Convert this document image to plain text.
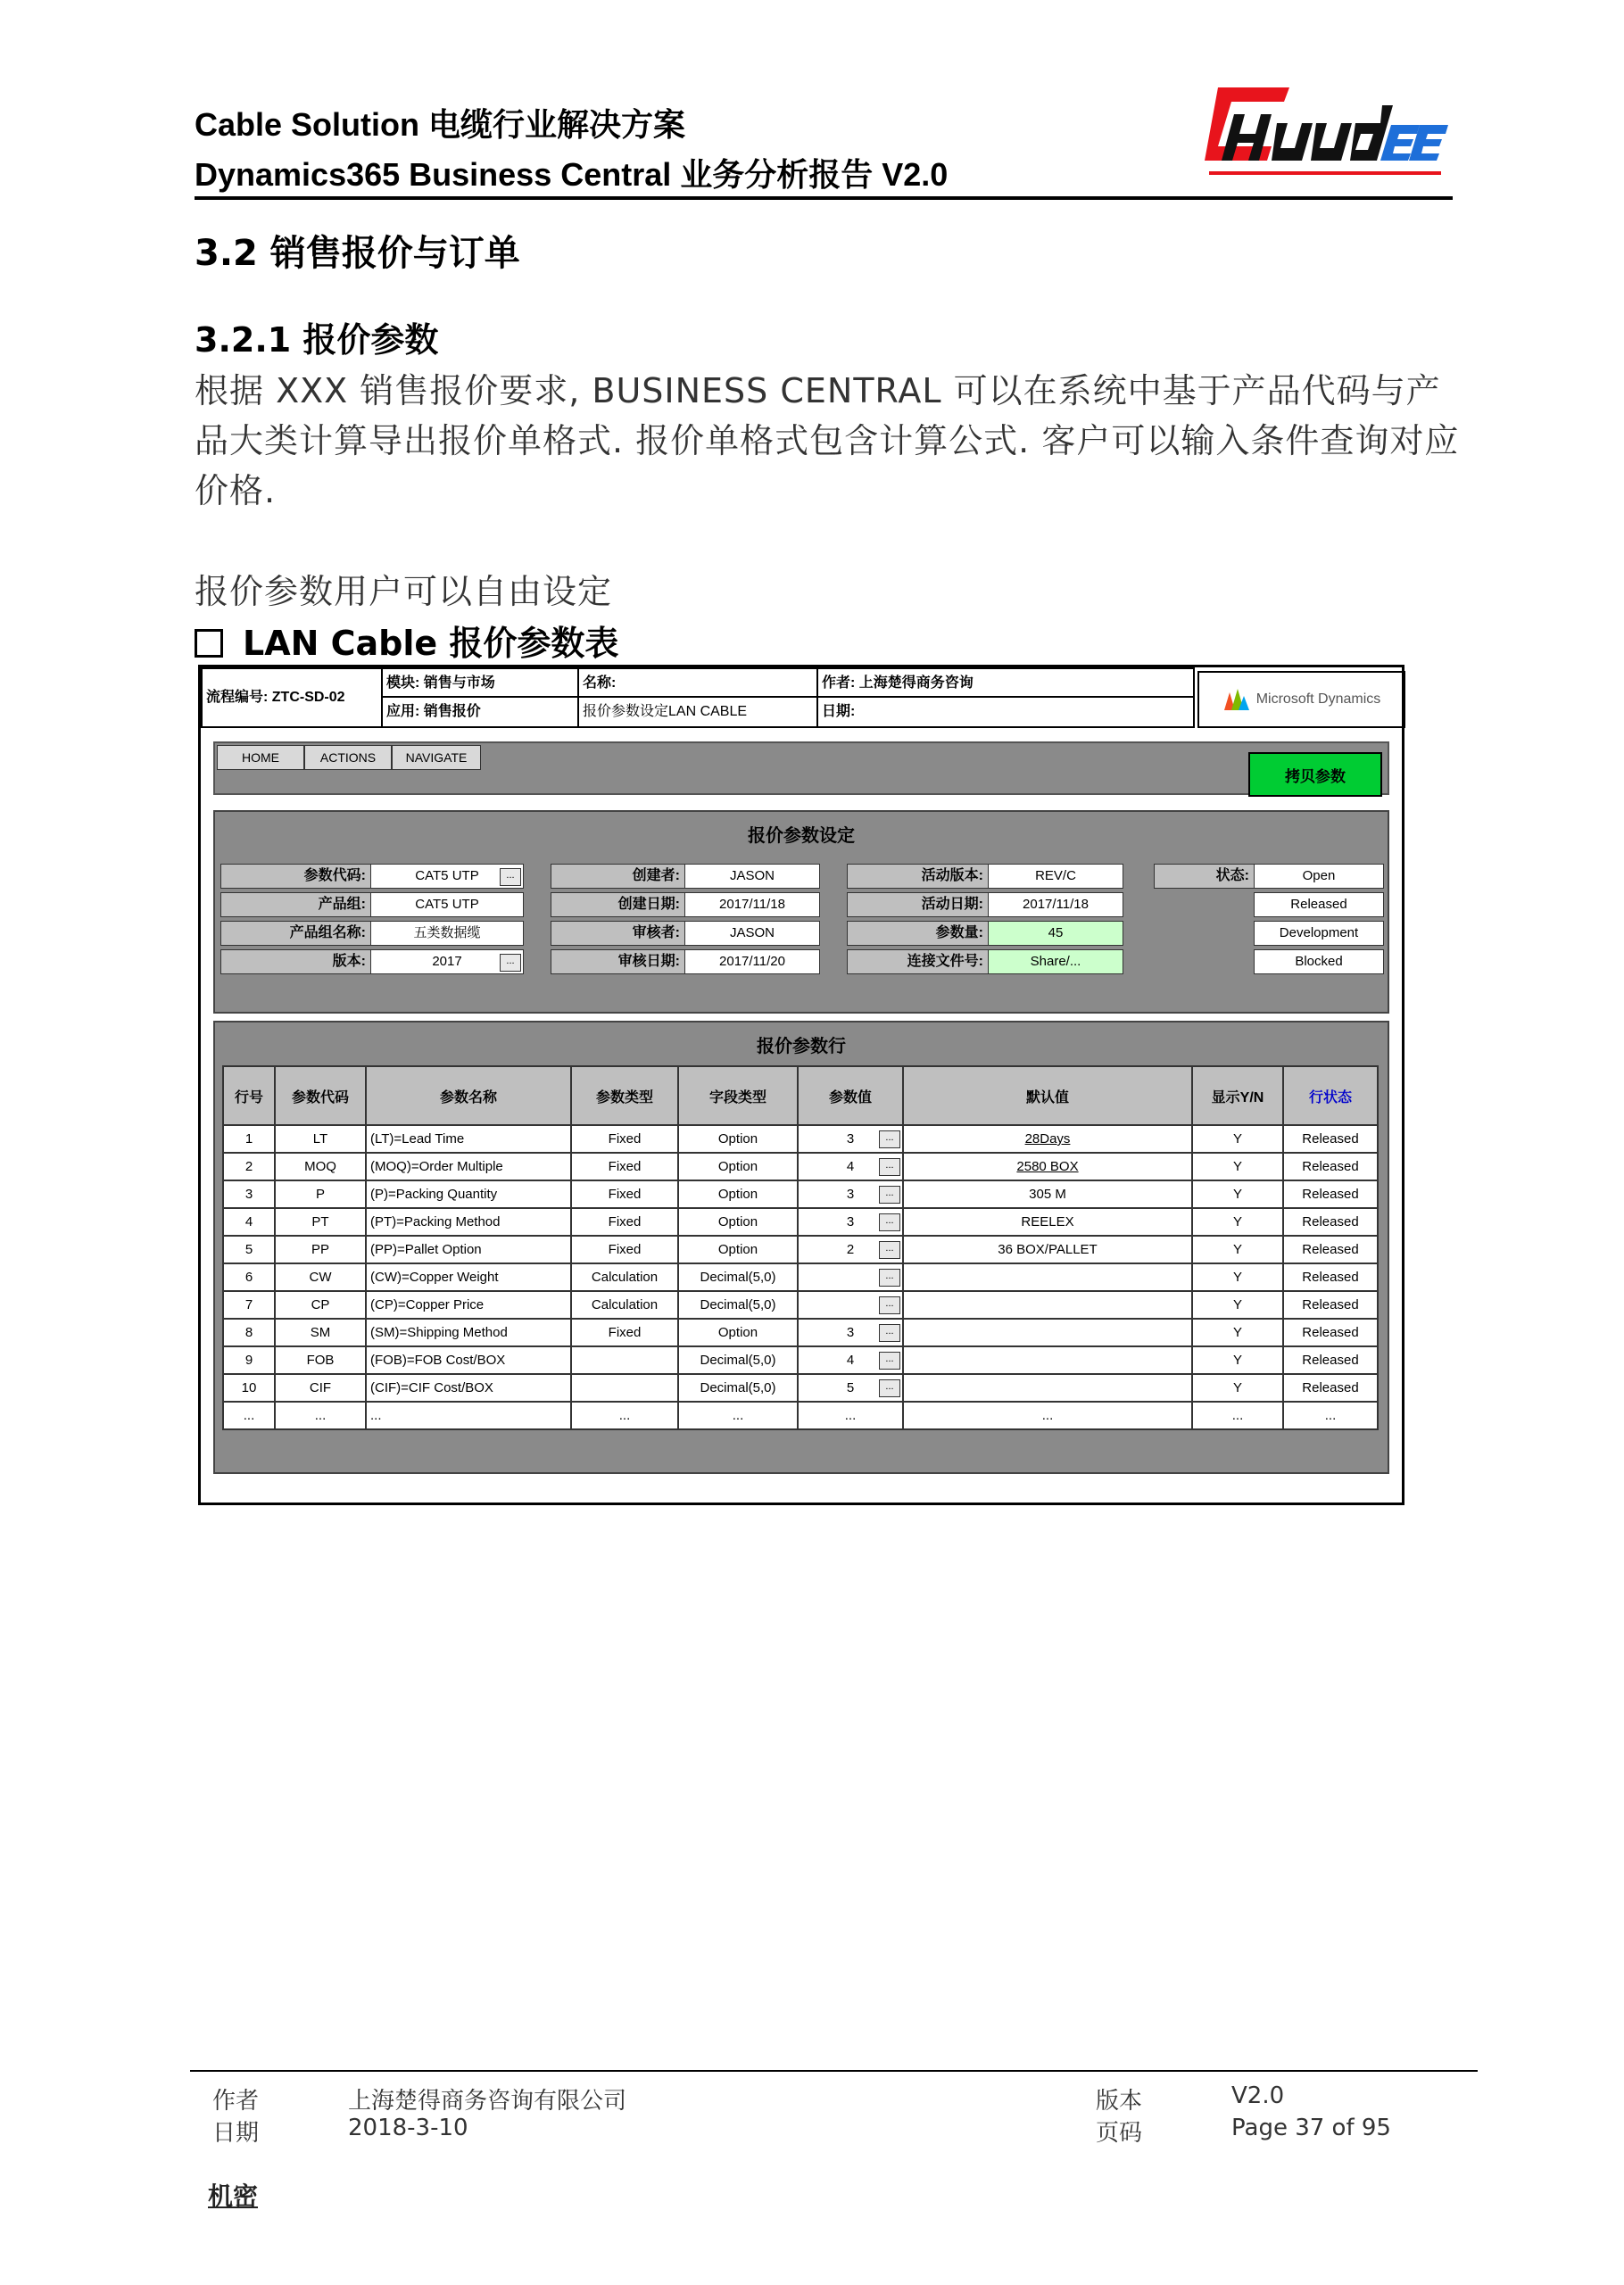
Cable Solution 电缆行业解决方案
Dynamics365 Business Central 业务分析报告 V2.0
3.2 销售报价与订单
3.2.1 报价参数
根据 XXX 销售报价要求, BUSINESS CENTRAL 可以在系统中基于产品代码与产品大类计算导出报价单格式. 报价单格式包含计算公式. 客户可以输入条件查询对应价格.
报价参数用户可以自由设定
LAN Cable 报价参数表
流程编号: ZTC-SD-02
模块: 销售与市场
应用: 销售报价
名称:
报价参数设定LAN CABLE
作者: 上海楚得商务咨询
日期:
Microsoft Dynamics
HOME	ACTIONS	NAVIGATE
拷贝参数
报价参数设定
参数代码:	CAT5 UTP	...
产品组:	CAT5 UTP
产品组名称:	五类数据缆
版本:	2017	...
创建者:	JASON
创建日期:	2017/11/18
审核者:	JASON
审核日期:	2017/11/20
活动版本:	REV/C
活动日期:	2017/11/18
参数量:	45
连接文件号:	Share/...
状态:	Open
Released
Development
Blocked
报价参数行
行号	参数代码	参数名称	参数类型	字段类型	参数值	默认值	显示Y/N	行状态
1	LT	(LT)=Lead Time	Fixed	Option	3 ...	28Days	Y	Released
2	MOQ	(MOQ)=Order Multiple	Fixed	Option	4 ...	2580 BOX	Y	Released
3	P	(P)=Packing Quantity	Fixed	Option	3 ...	305 M	Y	Released
4	PT	(PT)=Packing Method	Fixed	Option	3 ...	REELEX	Y	Released
5	PP	(PP)=Pallet Option	Fixed	Option	2 ...	36 BOX/PALLET	Y	Released
6	CW	(CW)=Copper Weight	Calculation	Decimal(5,0)	...		Y	Released
7	CP	(CP)=Copper Price	Calculation	Decimal(5,0)	...		Y	Released
8	SM	(SM)=Shipping Method	Fixed	Option	3 ...		Y	Released
9	FOB	(FOB)=FOB Cost/BOX		Decimal(5,0)	4 ...		Y	Released
10	CIF	(CIF)=CIF Cost/BOX		Decimal(5,0)	5 ...		Y	Released
...	...	...	...	...	...	...	...	...
作者	上海楚得商务咨询有限公司
日期	2018-3-10
版本	V2.0
页码	Page 37 of 95
机密
